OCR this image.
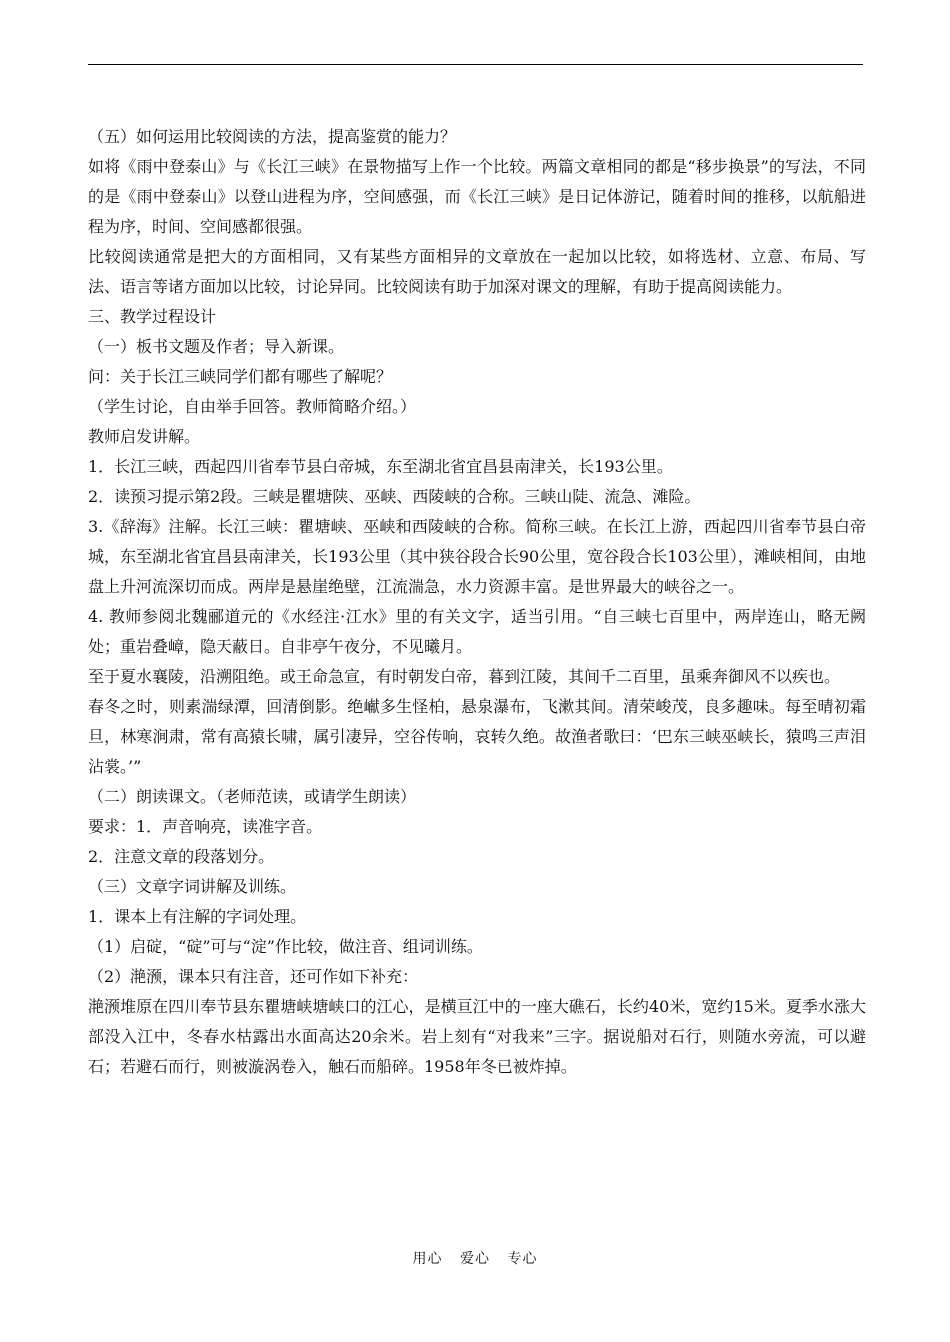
（五）如何运用比较阅读的方法，提高鉴赏的能力？

如将《雨中登泰山》与《长江三峡》在景物描写上作一个比较。两篇文章相同的都是“移步换景”的写法，不同的是《雨中登泰山》以登山进程为序，空间感强，而《长江三峡》是日记体游记，随着时间的推移，以航船进程为序，时间、空间感都很强。

比较阅读通常是把大的方面相同，又有某些方面相异的文章放在一起加以比较，如将选材、立意、布局、写法、语言等诸方面加以比较，讨论异同。比较阅读有助于加深对课文的理解，有助于提高阅读能力。

三、教学过程设计

（一）板书文题及作者；导入新课。

问：关于长江三峡同学们都有哪些了解呢？

（学生讨论，自由举手回答。教师简略介绍。）

教师启发讲解。

1．长江三峡，西起四川省奉节县白帝城，东至湖北省宜昌县南津关，长193公里。

2．读预习提示第2段。三峡是瞿塘陕、巫峡、西陵峡的合称。三峡山陡、流急、滩险。

3.《辞海》注解。长江三峡：瞿塘峡、巫峡和西陵峡的合称。简称三峡。在长江上游，西起四川省奉节县白帝城，东至湖北省宜昌县南津关，长193公里（其中狭谷段合长90公里，宽谷段合长103公里），滩峡相间，由地盘上升河流深切而成。两岸是悬崖绝壁，江流湍急，水力资源丰富。是世界最大的峡谷之一。

4. 教师参阅北魏郦道元的《水经注·江水》里的有关文字，适当引用。“自三峡七百里中，两岸连山，略无阙处；重岩叠嶂，隐天蔽日。自非亭午夜分，不见曦月。

至于夏水襄陵，沿溯阻绝。或王命急宣，有时朝发白帝，暮到江陵，其间千二百里，虽乘奔御风不以疾也。

春冬之时，则素湍绿潭，回清倒影。绝𪩘多生怪柏，悬泉瀑布，飞漱其间。清荣峻茂，良多趣味。每至晴初霜旦，林寒涧肃，常有高猿长啸，属引凄异，空谷传响，哀转久绝。故渔者歌曰：‘巴东三峡巫峡长，猿鸣三声泪沾裳。’”

（二）朗读课文。（老师范读，或请学生朗读）

要求：1．声音响亮，读准字音。

2．注意文章的段落划分。

（三）文章字词讲解及训练。

1．课本上有注解的字词处理。

（1）启碇，“碇”可与“淀”作比较，做注音、组词训练。

（2）滟滪，课本只有注音，还可作如下补充：

滟滪堆原在四川奉节县东瞿塘峡塘峡口的江心，是横亘江中的一座大礁石，长约40米，宽约15米。夏季水涨大部没入江中，冬春水枯露出水面高达20余米。岩上刻有“对我来”三字。据说船对石行，则随水旁流，可以避石；若避石而行，则被漩涡卷入，触石而船碎。1958年冬已被炸掉。

用心 爱心 专心
